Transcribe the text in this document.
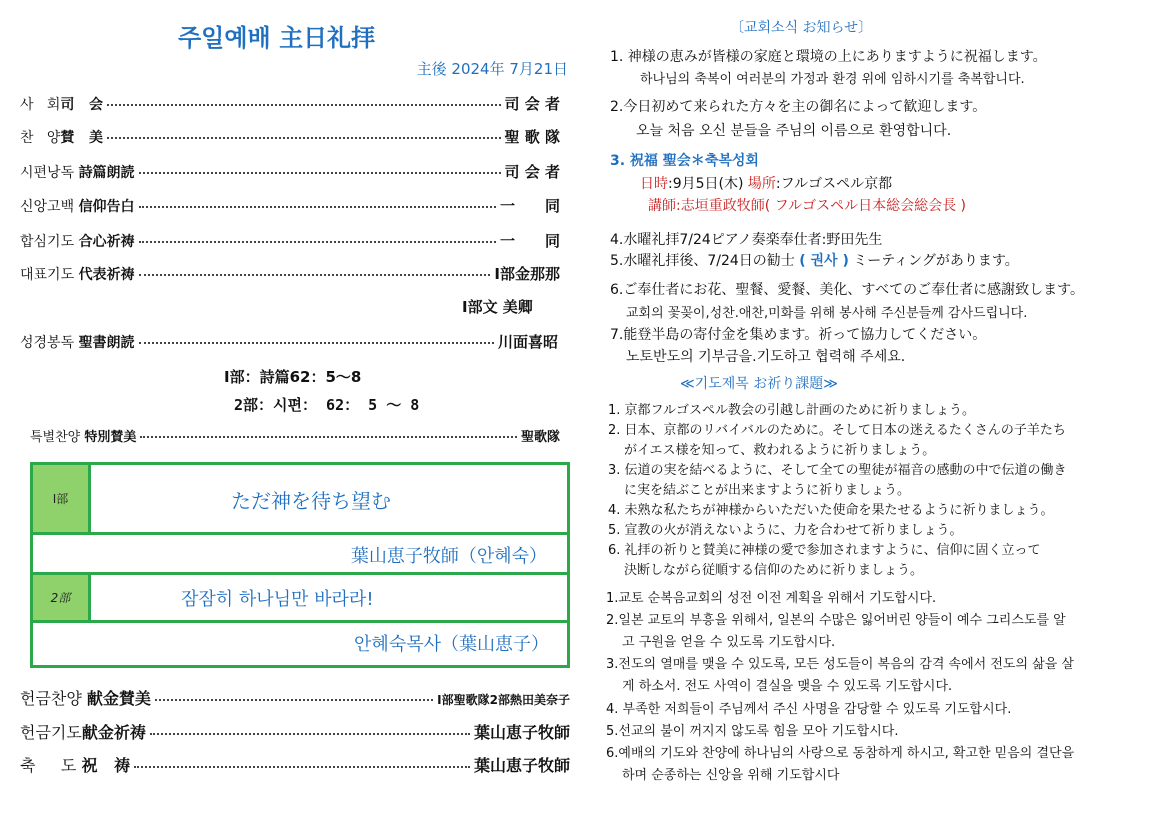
주일예배 主日礼拝
主後 2024年 7月21日
사   회司   会	司 会 者
찬   양賛   美	聖 歌 隊
시편낭독 詩篇朗読	司 会 者
신앙고백 信仰告白	一　　同
합심기도 合心祈祷	一　　同
대표기도 代表祈祷	Ⅰ部金那那
Ⅰ部文 美卿
성경봉독 聖書朗読	川面喜昭
Ⅰ部：詩篇62：5～8
2部：시편： 62： 5 ～ 8
특별찬양 特別賛美	聖歌隊
Ⅰ部	ただ神を待ち望む
葉山恵子牧師（안혜숙）
2部	잠잠히 하나님만 바라라!
안혜숙목사（葉山恵子）
헌금찬양 献金賛美	Ⅰ部聖歌隊2部熱田美奈子
헌금기도献金祈祷	葉山恵子牧師
축     도 祝   祷	葉山恵子牧師
〔교회소식 お知らせ〕
1. 神様の恵みが皆様の家庭と環境の上にありますように祝福します。
하나님의 축복이 여러분의 가정과 환경 위에 임하시기를 축복합니다.
2.今日初めて来られた方々を主の御名によって歓迎します。
오늘 처음 오신 분들을 주님의 이름으로 환영합니다.
3. 祝福 聖会＊축복성회
日時:9月5日(木) 場所:フルゴスペル京都
講師:志垣重政牧師( フルゴスペル日本総会総会長 )
4.水曜礼拝7/24ピアノ奏楽奉仕者:野田先生
5.水曜礼拝後、7/24日の勧士 ( 권사 ) ミーティングがあります。
6.ご奉仕者にお花、聖餐、愛餐、美化、すべてのご奉仕者に感謝致します。
교회의 꽃꽂이,성찬.애찬,미화를 위해 봉사해 주신분들께 감사드립니다.
7.能登半島の寄付金を集めます。祈って協力してください。
노토반도의 기부금을.기도하고 협력해 주세요.
≪기도제목 お祈り課題≫
1. 京都フルゴスペル教会の引越し計画のために祈りましょう。
2. 日本、京都のリバイバルのために。そして日本の迷えるたくさんの子羊たち
がイエス様を知って、救われるように祈りましょう。
3. 伝道の実を結べるように、そして全ての聖徒が福音の感動の中で伝道の働き
に実を結ぶことが出来ますように祈りましょう。
4. 未熟な私たちが神様からいただいた使命を果たせるように祈りましょう。
5. 宣教の火が消えないように、力を合わせて祈りましょう。
6. 礼拝の祈りと賛美に神様の愛で参加されますように、信仰に固く立って
決断しながら従順する信仰のために祈りましょう。
1.교토 순복음교회의 성전 이전 계획을 위해서 기도합시다.
2.일본 교토의 부흥을 위해서, 일본의 수많은 잃어버린 양들이 예수 그리스도를 알
고 구원을 얻을 수 있도록 기도합시다.
3.전도의 열매를 맺을 수 있도록, 모든 성도들이 복음의 감격 속에서 전도의 삶을 살
게 하소서. 전도 사역이 결실을 맺을 수 있도록 기도합시다.
4. 부족한 저희들이 주님께서 주신 사명을 감당할 수 있도록 기도합시다.
5.선교의 불이 꺼지지 않도록 힘을 모아 기도합시다.
6.예배의 기도와 찬양에 하나님의 사랑으로 동참하게 하시고, 확고한 믿음의 결단을
하며 순종하는 신앙을 위해 기도합시다
